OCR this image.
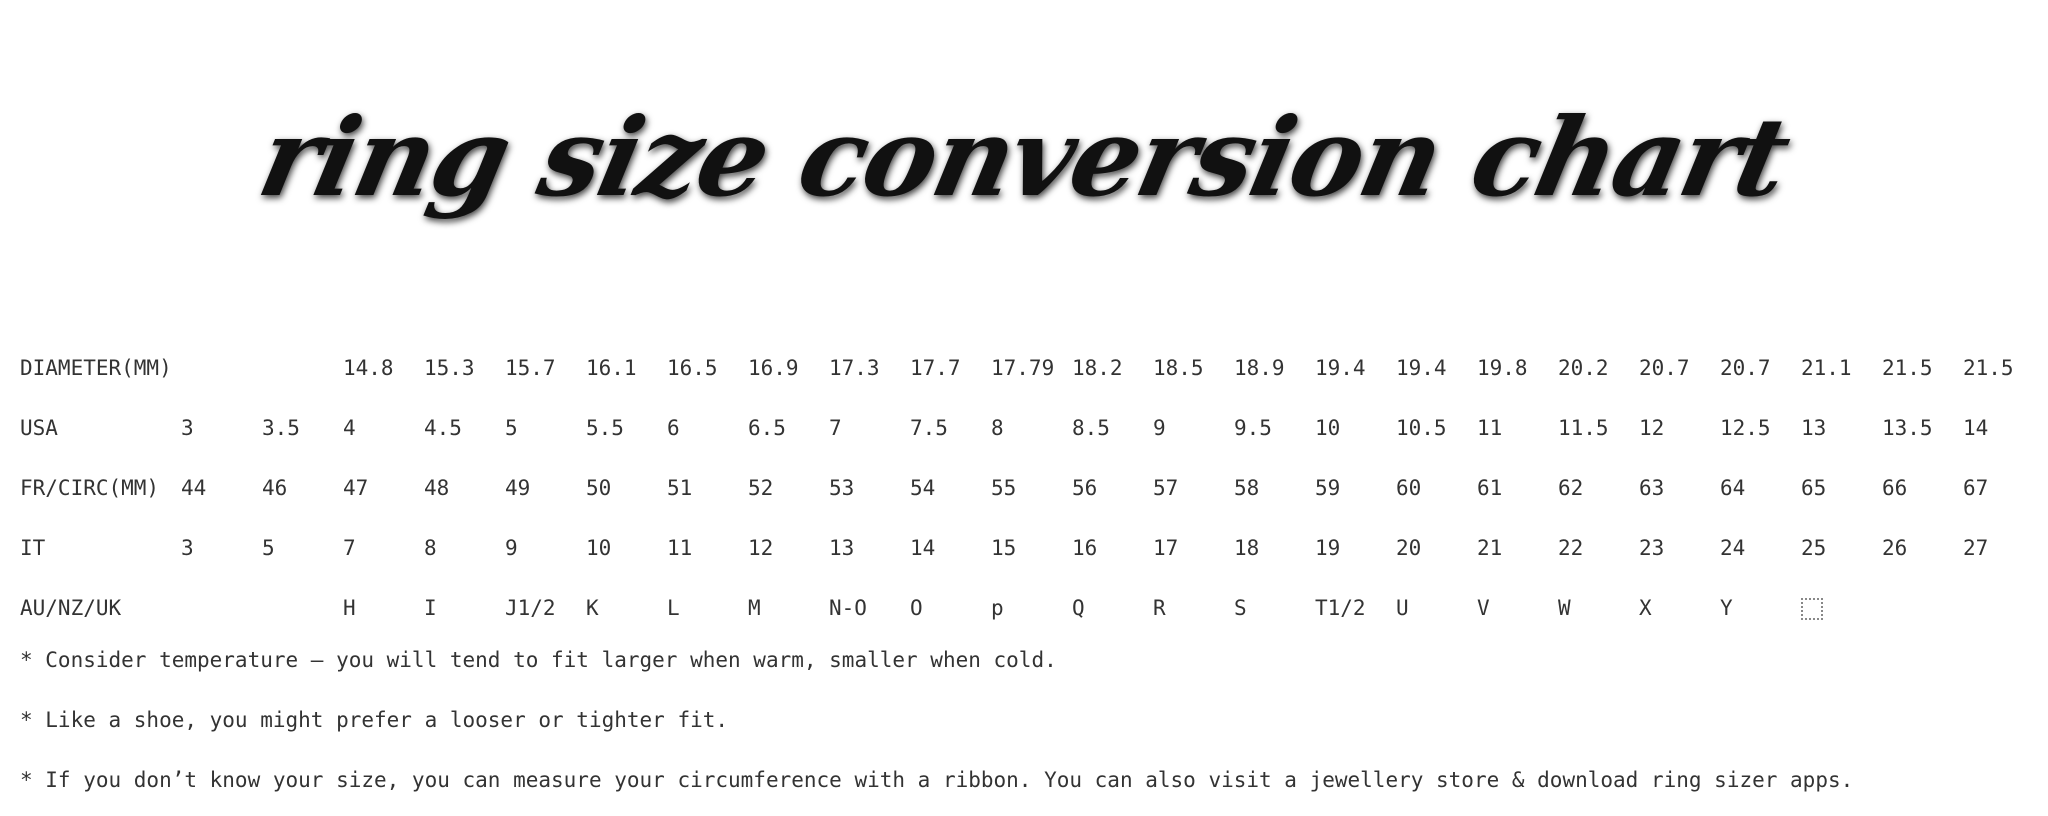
ring size conversion chart
DIAMETER(MM)			14.8	15.3	15.7	16.1	16.5	16.9	17.3	17.7	17.79	18.2	18.5	18.9	19.4	19.4	19.8	20.2	20.7	20.7	21.1	21.5	21.5
USA	3	3.5	4	4.5	5	5.5	6	6.5	7	7.5	8	8.5	9	9.5	10	10.5	11	11.5	12	12.5	13	13.5	14
FR/CIRC(MM)	44	46	47	48	49	50	51	52	53	54	55	56	57	58	59	60	61	62	63	64	65	66	67
IT	3	5	7	8	9	10	11	12	13	14	15	16	17	18	19	20	21	22	23	24	25	26	27
AU/NZ/UK			H	I	J1/2	K	L	M	N-O	O	p	Q	R	S	T1/2	U	V	W	X	Y			
* Consider temperature — you will tend to fit larger when warm, smaller when cold.
* Like a shoe, you might prefer a looser or tighter fit.
* If you don’t know your size, you can measure your circumference with a ribbon. You can also visit a jewellery store & download ring sizer apps.
